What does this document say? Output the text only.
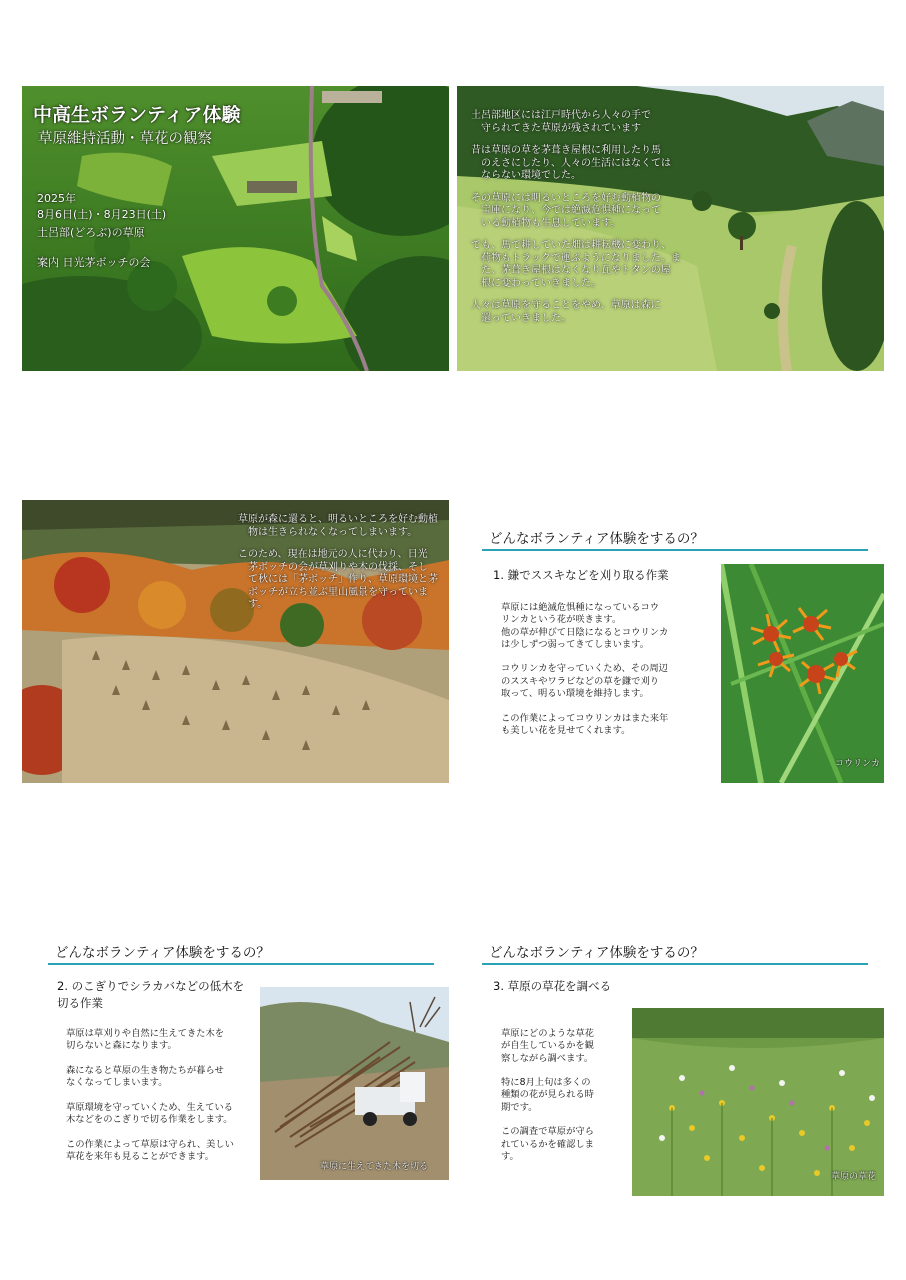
中高生ボランティア体験
草原維持活動・草花の観察
2025年
8月6日(土)・8月23日(土)
土呂部(どろぶ)の草原
案内 日光茅ボッチの会
土呂部地区には江戸時代から人々の手で
　守られてきた草原が残されています
昔は草原の草を茅葺き屋根に利用したり馬
　のえさにしたり、人々の生活にはなくては
　ならない環境でした。
その草原には明るいところを好む動植物の
　宝庫になり、今では絶滅危惧種になって
　いる動植物も生息しています。
でも、馬で耕していた畑は耕耘機に変わり、
　荷物もトラックで運ぶようになりました。ま
　た、茅葺き屋根はなくなり瓦やトタンの屋
　根に変わっていきました。
人々は草原を守ることをやめ、草原は森に
　還っていきました。
草原が森に還ると、明るいところを好む動植
　物は生きられなくなってしまいます。
このため、現在は地元の人に代わり、日光
　茅ボッチの会が草刈りや木の伐採、そし
　て秋には「茅ボッチ」作り、草原環境と茅
　ボッチが立ち並ぶ里山風景を守っていま
　す。
どんなボランティア体験をするの？
1. 鎌でススキなどを刈り取る作業
草原には絶滅危惧種になっているコウ
リンカという花が咲きます。
他の草が伸びて日陰になるとコウリンカ
は少しずつ弱ってきてしまいます。

コウリンカを守っていくため、その周辺
のススキやワラビなどの草を鎌で刈り
取って、明るい環境を維持します。

この作業によってコウリンカはまた来年
も美しい花を見せてくれます。
コウリンカ
どんなボランティア体験をするの？
2. のこぎりでシラカバなどの低木を
切る作業
草原は草刈りや自然に生えてきた木を
切らないと森になります。

森になると草原の生き物たちが暮らせ
なくなってしまいます。

草原環境を守っていくため、生えている
木などをのこぎりで切る作業をします。

この作業によって草原は守られ、美しい
草花を来年も見ることができます。
草原に生えてきた木を切る
どんなボランティア体験をするの？
3. 草原の草花を調べる
草原にどのような草花
が自生しているかを観
察しながら調べます。

特に8月上旬は多くの
種類の花が見られる時
期です。

この調査で草原が守ら
れているかを確認しま
す。
草原の草花
